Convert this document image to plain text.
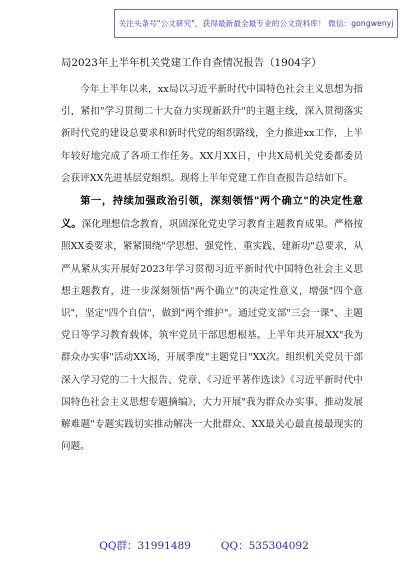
关注头条号"公文研究"，获得最新最全最专业的公文资料库！ 微信：gongwenyj
局2023年上半年机关党建工作自查情况报告（1904字）

今年上半年以来，xx局以习近平新时代中国特色社会主义思想为指引，紧扣"学习贯彻二十大奋力实现新跃升"的主题主线，深入贯彻落实新时代党的建设总要求和新时代党的组织路线，全力推进xx工作，上半年较好地完成了各项工作任务。XX月XX日，中共X局机关党委都委员会获评XX先进基层党组织。现将上半年党建工作自查报告总结如下。

第一，持续加强政治引领，深刻领悟"两个确立"的决定性意义。深化理想信念教育，巩固深化党史学习教育主题教育成果。严格按照XX委要求，紧紧围绕"学思想、强党性、重实践、建新功"总要求，从严从紧从实开展好2023年学习贯彻习近平新时代中国特色社会主义思想主题教育，进一步深刻领悟"两个确立"的决定性意义，增强"四个意识"，坚定"四个自信"，做到"两个维护"。通过党支部"三会一课"、主题党日等学习教育载体，筑牢党员干部思想根基。上半年共开展XX"我为群众办实事"活动XX场，开展季度"主题党日"XX次。组织机关党员干部深入学习党的二十大报告、党章、《习近平著作选读》《习近平新时代中国特色社会主义思想专题摘编》，大力开展"我为群众办实事、推动发展解难题"专题实践切实推动解决一大批群众、XX最关心最直接最现实的问题。

QQ群：31991489	QQ：535304092
